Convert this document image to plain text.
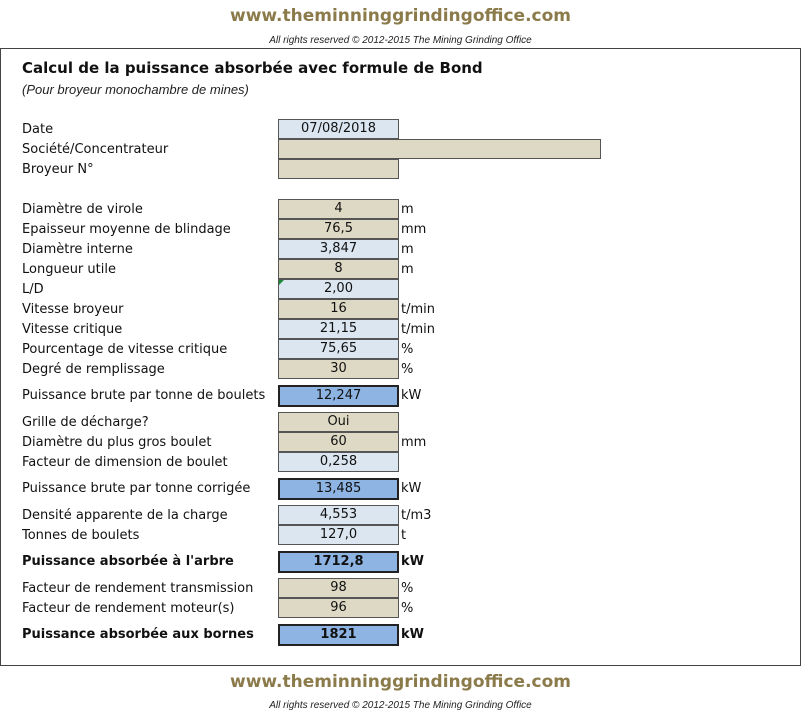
www.theminninggrindingoffice.com
All rights reserved © 2012-2015 The Mining Grinding Office
Calcul de la puissance absorbée avec formule de Bond
(Pour broyeur monochambre de mines)
Date	07/08/2018
Société/Concentrateur
Broyeur N°
Diamètre de virole	4	m
Epaisseur moyenne de blindage	76,5	mm
Diamètre interne	3,847	m
Longueur utile	8	m
L/D	2,00
Vitesse broyeur	16	t/min
Vitesse critique	21,15	t/min
Pourcentage de vitesse critique	75,65	%
Degré de remplissage	30	%
Puissance brute par tonne de boulets	12,247	kW
Grille de décharge?	Oui
Diamètre du plus gros boulet	60	mm
Facteur de dimension de boulet	0,258
Puissance brute par tonne corrigée	13,485	kW
Densité apparente de la charge	4,553	t/m3
Tonnes de boulets	127,0	t
Puissance absorbée à l'arbre	1712,8	kW
Facteur de rendement transmission	98	%
Facteur de rendement moteur(s)	96	%
Puissance absorbée aux bornes	1821	kW
www.theminninggrindingoffice.com
All rights reserved © 2012-2015 The Mining Grinding Office
